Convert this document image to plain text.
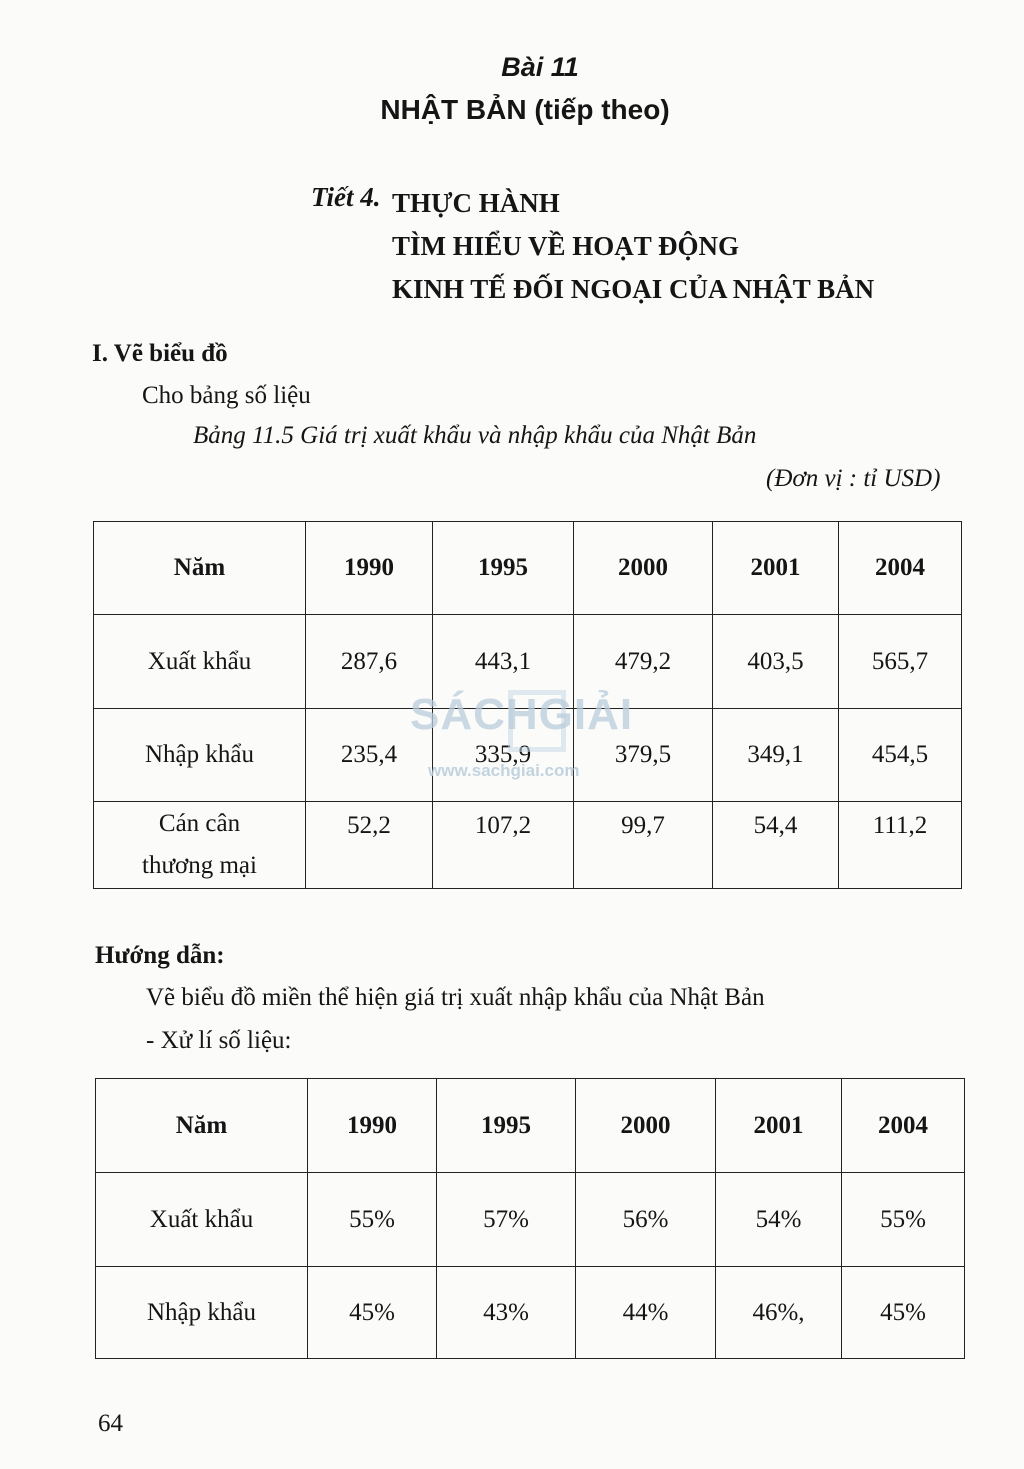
Bài 11
NHẬT BẢN (tiếp theo)
Tiết 4. THỰC HÀNH
TÌM HIỂU VỀ HOẠT ĐỘNG
KINH TẾ ĐỐI NGOẠI CỦA NHẬT BẢN
I. Vẽ biểu đồ
Cho bảng số liệu
Bảng 11.5 Giá trị xuất khẩu và nhập khẩu của Nhật Bản
(Đơn vị : tỉ USD)
Năm	1990	1995	2000	2001	2004
Xuất khẩu	287,6	443,1	479,2	403,5	565,7
Nhập khẩu	235,4	335,9	379,5	349,1	454,5
Cán cân thương mại	52,2	107,2	99,7	54,4	111,2
SÁCHGIẢI
www.sachgiai.com
Hướng dẫn:
Vẽ biểu đồ miền thể hiện giá trị xuất nhập khẩu của Nhật Bản
- Xử lí số liệu:
Năm	1990	1995	2000	2001	2004
Xuất khẩu	55%	57%	56%	54%	55%
Nhập khẩu	45%	43%	44%	46%,	45%
64
